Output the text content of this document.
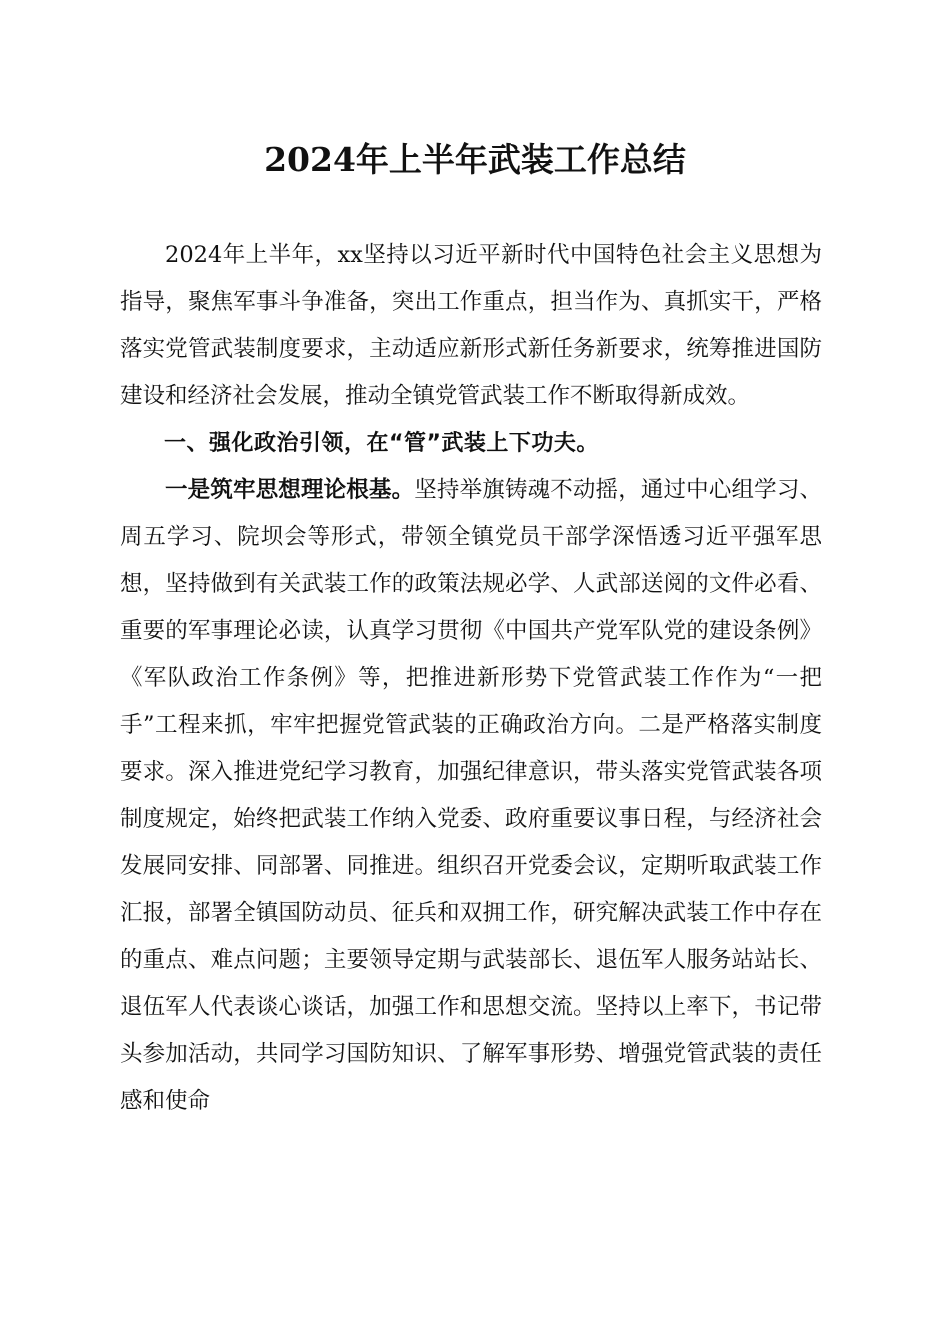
2024年上半年武装工作总结

2024年上半年，xx坚持以习近平新时代中国特色社会主义思想为指导，聚焦军事斗争准备，突出工作重点，担当作为、真抓实干，严格落实党管武装制度要求，主动适应新形式新任务新要求，统筹推进国防建设和经济社会发展，推动全镇党管武装工作不断取得新成效。

一、强化政治引领，在“管”武装上下功夫。

一是筑牢思想理论根基。坚持举旗铸魂不动摇，通过中心组学习、周五学习、院坝会等形式，带领全镇党员干部学深悟透习近平强军思想，坚持做到有关武装工作的政策法规必学、人武部送阅的文件必看、重要的军事理论必读，认真学习贯彻《中国共产党军队党的建设条例》《军队政治工作条例》等，把推进新形势下党管武装工作作为“一把手”工程来抓，牢牢把握党管武装的正确政治方向。二是严格落实制度要求。深入推进党纪学习教育，加强纪律意识，带头落实党管武装各项制度规定，始终把武装工作纳入党委、政府重要议事日程，与经济社会发展同安排、同部署、同推进。组织召开党委会议，定期听取武装工作汇报，部署全镇国防动员、征兵和双拥工作，研究解决武装工作中存在的重点、难点问题；主要领导定期与武装部长、退伍军人服务站站长、退伍军人代表谈心谈话，加强工作和思想交流。坚持以上率下，书记带头参加活动，共同学习国防知识、了解军事形势、增强党管武装的责任感和使命
